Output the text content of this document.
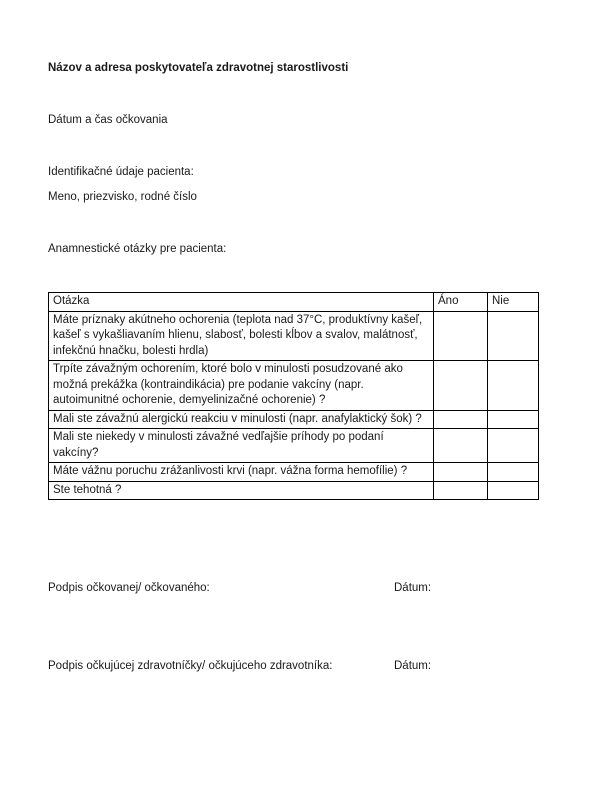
Názov a adresa poskytovateľa zdravotnej starostlivosti
Dátum a čas očkovania
Identifikačné údaje pacienta:
Meno, priezvisko, rodné číslo
Anamnestické otázky pre pacienta:
Otázka	Áno	Nie
Máte príznaky akútneho ochorenia (teplota nad 37°C, produktívny kašeľ, kašeľ s vykašliavaním hlienu, slabosť, bolesti kĺbov a svalov, malátnosť, infekčnú hnačku, bolesti hrdla)		
Trpíte závažným ochorením, ktoré bolo v minulosti posudzované ako možná prekážka (kontraindikácia) pre podanie vakcíny (napr. autoimunitné ochorenie, demyelinizačné ochorenie) ?		
Mali ste závažnú alergickú reakciu v minulosti (napr. anafylaktický šok) ?		
Mali ste niekedy v minulosti závažné vedľajšie príhody po podaní vakcíny?		
Máte vážnu poruchu zrážanlivosti krvi (napr. vážna forma hemofílie) ?		
Ste tehotná ?		
Podpis očkovanej/ očkovaného:	Dátum:
Podpis očkujúcej zdravotníčky/ očkujúceho zdravotníka:	Dátum:
